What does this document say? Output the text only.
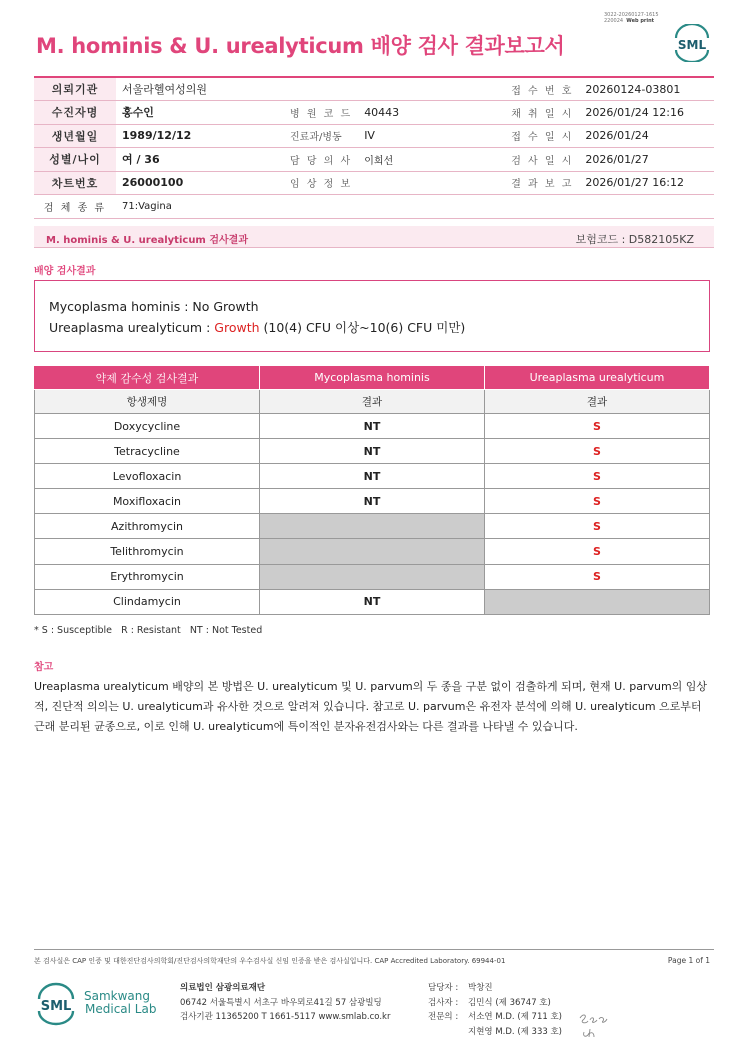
3022-20260127-1615
220024 Web print
M. hominis & U. urealyticum 배양 검사 결과보고서	SML
의뢰기관	서울라헬여성의원			접 수 번 호	20260124-03801
수진자명	홍수인	병 원 코 드	40443	채 취 일 시	2026/01/24 12:16
생년월일	1989/12/12	진료과/병동	IV	접 수 일 시	2026/01/24
성별/나이	여 / 36	담 당 의 사	이희선	검 사 일 시	2026/01/27
차트번호	26000100	임 상 정 보		결 과 보 고	2026/01/27 16:12
검 체 종 류	71:Vagina				
M. hominis & U. urealyticum 검사결과	보험코드 : D582105KZ
배양 검사결과
Mycoplasma hominis : No Growth
Ureaplasma urealyticum : Growth (10(4) CFU 이상~10(6) CFU 미만)
약제 감수성 검사결과	Mycoplasma hominis	Ureaplasma urealyticum
항생제명	결과	결과
Doxycycline	NT	S
Tetracycline	NT	S
Levofloxacin	NT	S
Moxifloxacin	NT	S
Azithromycin		S
Telithromycin		S
Erythromycin		S
Clindamycin	NT	
* S : Susceptible   R : Resistant   NT : Not Tested
참고
Ureaplasma urealyticum 배양의 본 방법은 U. urealyticum 및 U. parvum의 두 종을 구분 없이 검출하게 되며, 현재 U. parvum의 임상적, 진단적 의의는 U. urealyticum과 유사한 것으로 알려져 있습니다. 참고로 U. parvum은 유전자 분석에 의해 U. urealyticum 으로부터 근래 분리된 균종으로, 이로 인해 U. urealyticum에 특이적인 분자유전검사와는 다른 결과를 나타낼 수 있습니다.
본 검사실은 CAP 인증 및 대한진단검사의학회/진단검사의학재단의 우수검사실 신임 인증을 받은 검사실입니다. CAP Accredited Laboratory. 69944-01	Page 1 of 1
SML
Samkwang
Medical Lab
의료법인 삼광의료재단
06742 서울특별시 서초구 바우뫼로41길 57 삼광빌딩
검사기관 11365200 T 1661-5117 www.smlab.co.kr
담당자 :	박창진
검사자 :	김민식 (제 36747 호)
전문의 :	서소연 M.D. (제 711 호)
지현영 M.D. (제 333 호)
